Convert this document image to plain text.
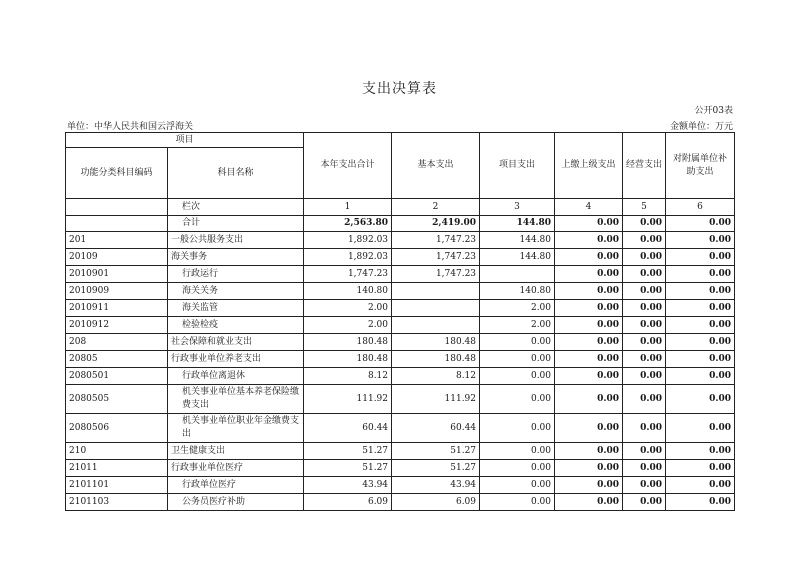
支出决算表
公开03表
单位：中华人民共和国云浮海关	金额单位：万元
项目		本年支出合计	基本支出	项目支出	上缴上级支出	经营支出	对附属单位补助支出
功能分类科目编码	科目名称						

	栏次	1	2	3	4	5	6
	合计	2,563.80	2,419.00	144.80	0.00	0.00	0.00
201	一般公共服务支出	1,892.03	1,747.23	144.80	0.00	0.00	0.00
20109	海关事务	1,892.03	1,747.23	144.80	0.00	0.00	0.00
2010901	行政运行	1,747.23	1,747.23		0.00	0.00	0.00
2010909	海关关务	140.80		140.80	0.00	0.00	0.00
2010911	海关监管	2.00		2.00	0.00	0.00	0.00
2010912	检验检疫	2.00		2.00	0.00	0.00	0.00
208	社会保障和就业支出	180.48	180.48	0.00	0.00	0.00	0.00
20805	行政事业单位养老支出	180.48	180.48	0.00	0.00	0.00	0.00
2080501	行政单位离退休	8.12	8.12	0.00	0.00	0.00	0.00
2080505	机关事业单位基本养老保险缴费支出	111.92	111.92	0.00	0.00	0.00	0.00
2080506	机关事业单位职业年金缴费支出	60.44	60.44	0.00	0.00	0.00	0.00
210	卫生健康支出	51.27	51.27	0.00	0.00	0.00	0.00
21011	行政事业单位医疗	51.27	51.27	0.00	0.00	0.00	0.00
2101101	行政单位医疗	43.94	43.94	0.00	0.00	0.00	0.00
2101103	公务员医疗补助	6.09	6.09	0.00	0.00	0.00	0.00
